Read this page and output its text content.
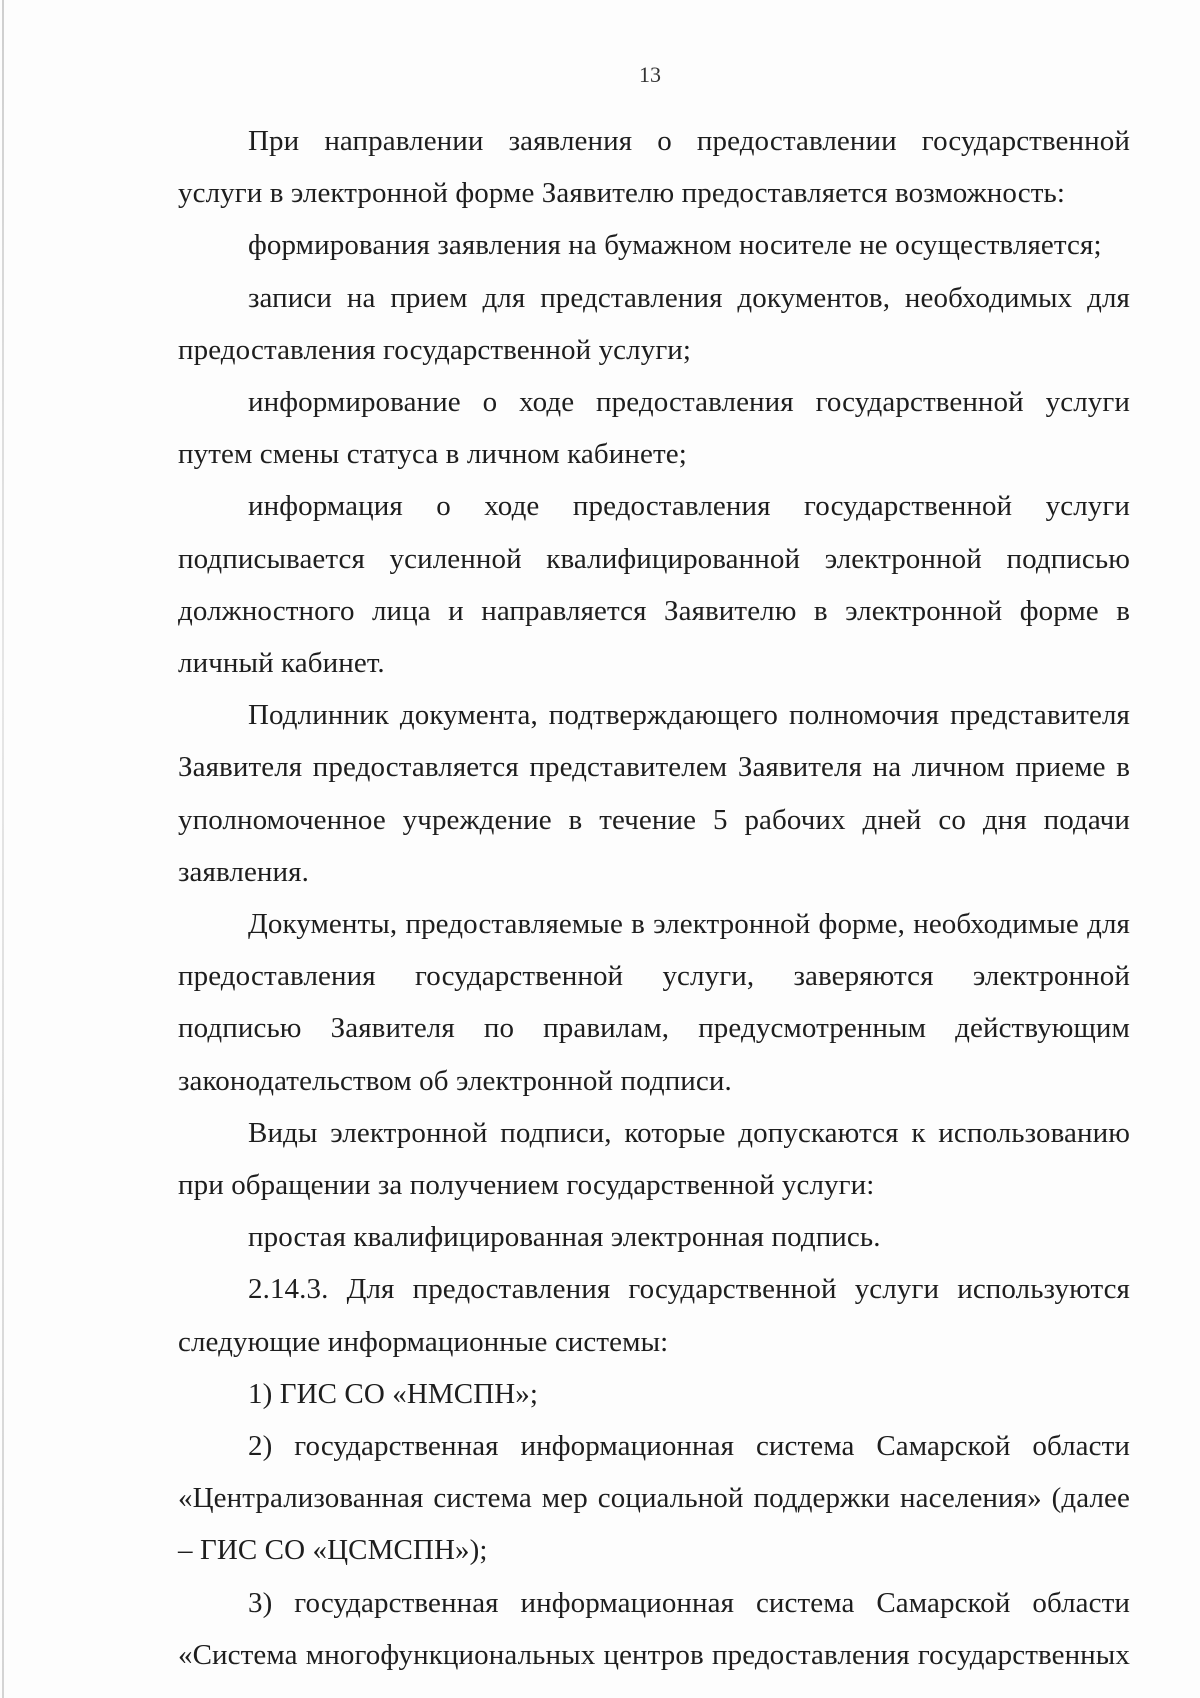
13

При направлении заявления о предоставлении государственной услуги в электронной форме Заявителю предоставляется возможность:

формирования заявления на бумажном носителе не осуществляется;

записи на прием для представления документов, необходимых для предоставления государственной услуги;

информирование о ходе предоставления государственной услуги путем смены статуса в личном кабинете;

информация о ходе предоставления государственной услуги подписывается усиленной квалифицированной электронной подписью должностного лица и направляется Заявителю в электронной форме в личный кабинет.

Подлинник документа, подтверждающего полномочия представителя Заявителя предоставляется представителем Заявителя на личном приеме в уполномоченное учреждение в течение 5 рабочих дней со дня подачи заявления.

Документы, предоставляемые в электронной форме, необходимые для предоставления государственной услуги, заверяются электронной подписью Заявителя по правилам, предусмотренным действующим законодательством об электронной подписи.

Виды электронной подписи, которые допускаются к использованию при обращении за получением государственной услуги:

простая квалифицированная электронная подпись.

2.14.3. Для предоставления государственной услуги используются следующие информационные системы:

1) ГИС СО «НМСПН»;

2) государственная информационная система Самарской области «Централизованная система мер социальной поддержки населения» (далее – ГИС СО «ЦСМСПН»);

3) государственная информационная система Самарской области «Система многофункциональных центров предоставления государственных
